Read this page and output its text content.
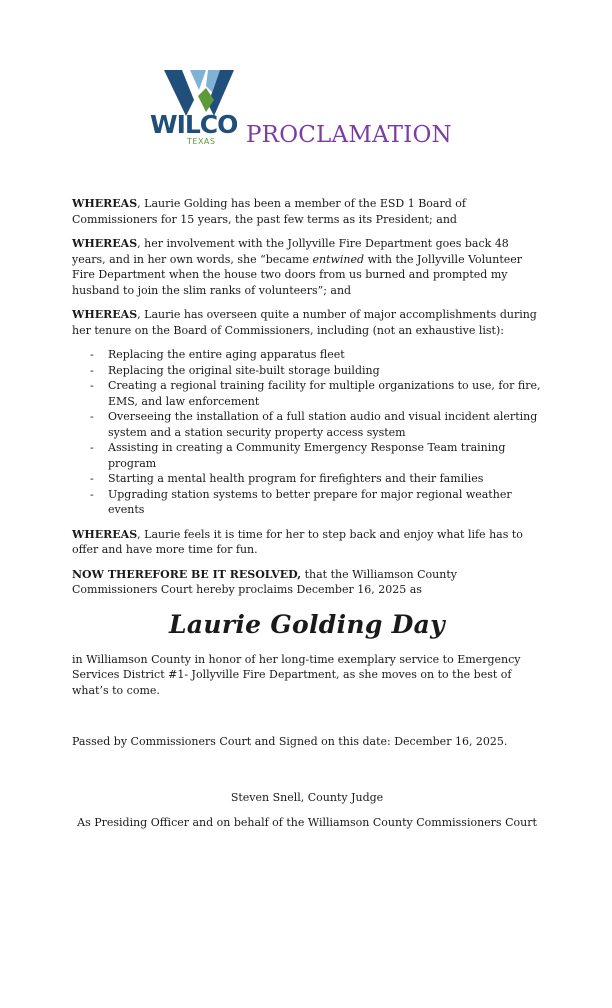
WILCO
TEXAS PROCLAMATION

WHEREAS, Laurie Golding has been a member of the ESD 1 Board of Commissioners for 15 years, the past few terms as its President; and

WHEREAS, her involvement with the Jollyville Fire Department goes back 48 years, and in her own words, she “became entwined with the Jollyville Volunteer Fire Department when the house two doors from us burned and prompted my husband to join the slim ranks of volunteers”; and

WHEREAS, Laurie has overseen quite a number of major accomplishments during her tenure on the Board of Commissioners, including (not an exhaustive list):

- Replacing the entire aging apparatus fleet
- Replacing the original site-built storage building
- Creating a regional training facility for multiple organizations to use, for fire, EMS, and law enforcement
- Overseeing the installation of a full station audio and visual incident alerting system and a station security property access system
- Assisting in creating a Community Emergency Response Team training program
- Starting a mental health program for firefighters and their families
- Upgrading station systems to better prepare for major regional weather events

WHEREAS, Laurie feels it is time for her to step back and enjoy what life has to offer and have more time for fun.

NOW THEREFORE BE IT RESOLVED, that the Williamson County Commissioners Court hereby proclaims December 16, 2025 as

Laurie Golding Day

in Williamson County in honor of her long-time exemplary service to Emergency Services District #1- Jollyville Fire Department, as she moves on to the best of what’s to come.

Passed by Commissioners Court and Signed on this date: December 16, 2025.

Steven Snell, County Judge
As Presiding Officer and on behalf of the Williamson County Commissioners Court
